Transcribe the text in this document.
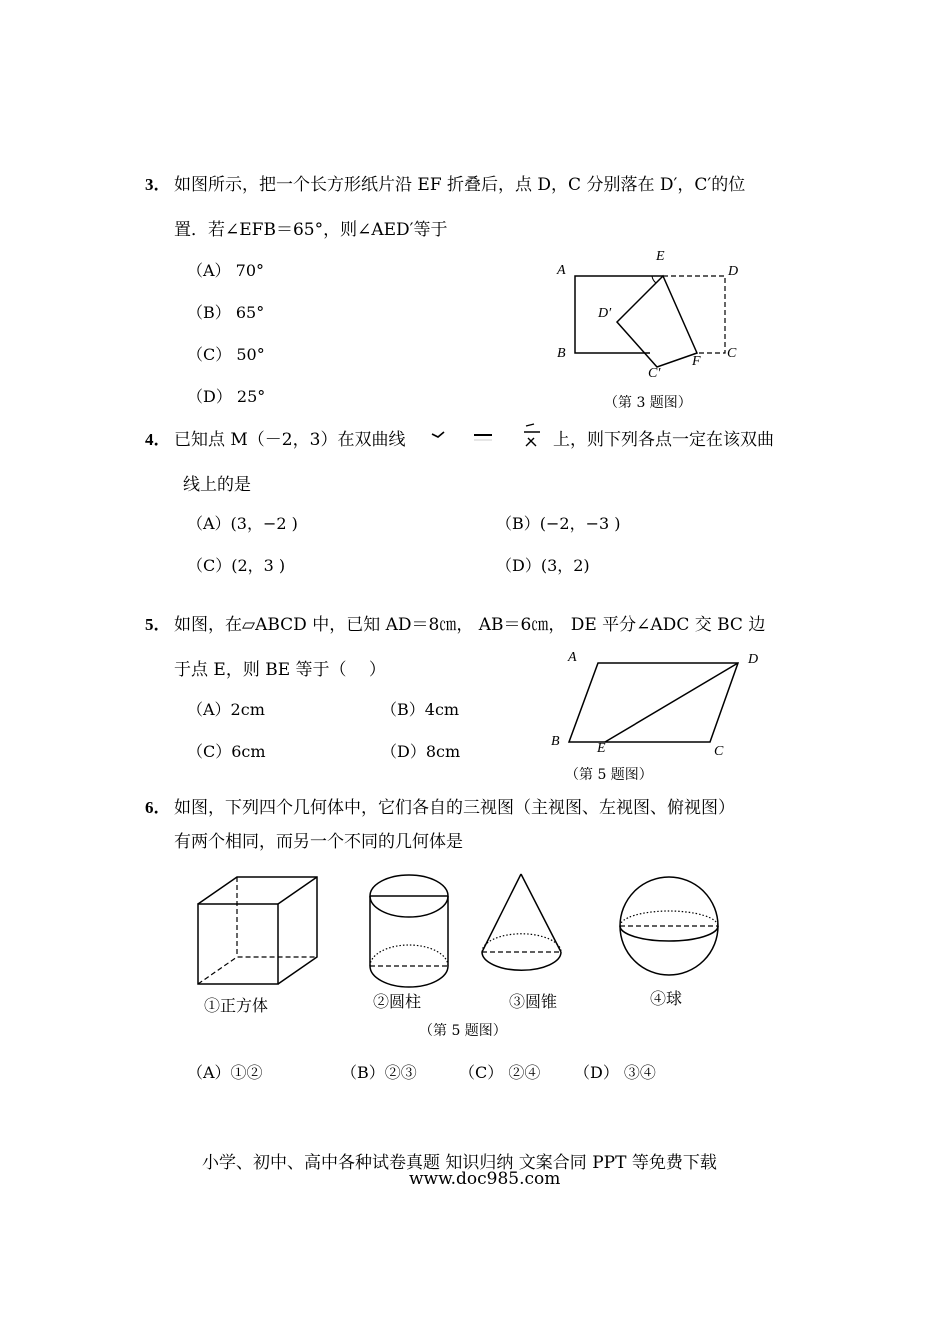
3． 如图所示，把一个长方形纸片沿 EF 折叠后，点 D，C 分别落在 D′，C′的位
置．若∠EFB＝65°，则∠AED′等于
（A） 70°
（B） 65°
（C） 50°
（D） 25°
A
E
D
D′
B
F
C
C′
（第 3 题图）
4． 已知点 M（－2，3）在双曲线	上，则下列各点一定在该双曲
线上的是
（A）(3，−2 )	（B）(−2，−3 )
（C）(2，3 )	（D）(3，2)
5． 如图，在▱ABCD 中，已知 AD＝8㎝， AB＝6㎝， DE 平分∠ADC 交 BC 边
于点 E，则 BE 等于（　 ）
（A）2cm	（B）4cm
（C）6cm	（D）8cm
A	D
B	E	C
（第 5 题图）
6． 如图，下列四个几何体中，它们各自的三视图（主视图、左视图、俯视图）
有两个相同，而另一个不同的几何体是
①正方体	②圆柱	③圆锥	④球
（第 5 题图）
（A）①②	（B）②③	（C） ②④ （D） ③④
小学、初中、高中各种试卷真题 知识归纳 文案合同 PPT 等免费下载
www.doc985.com
